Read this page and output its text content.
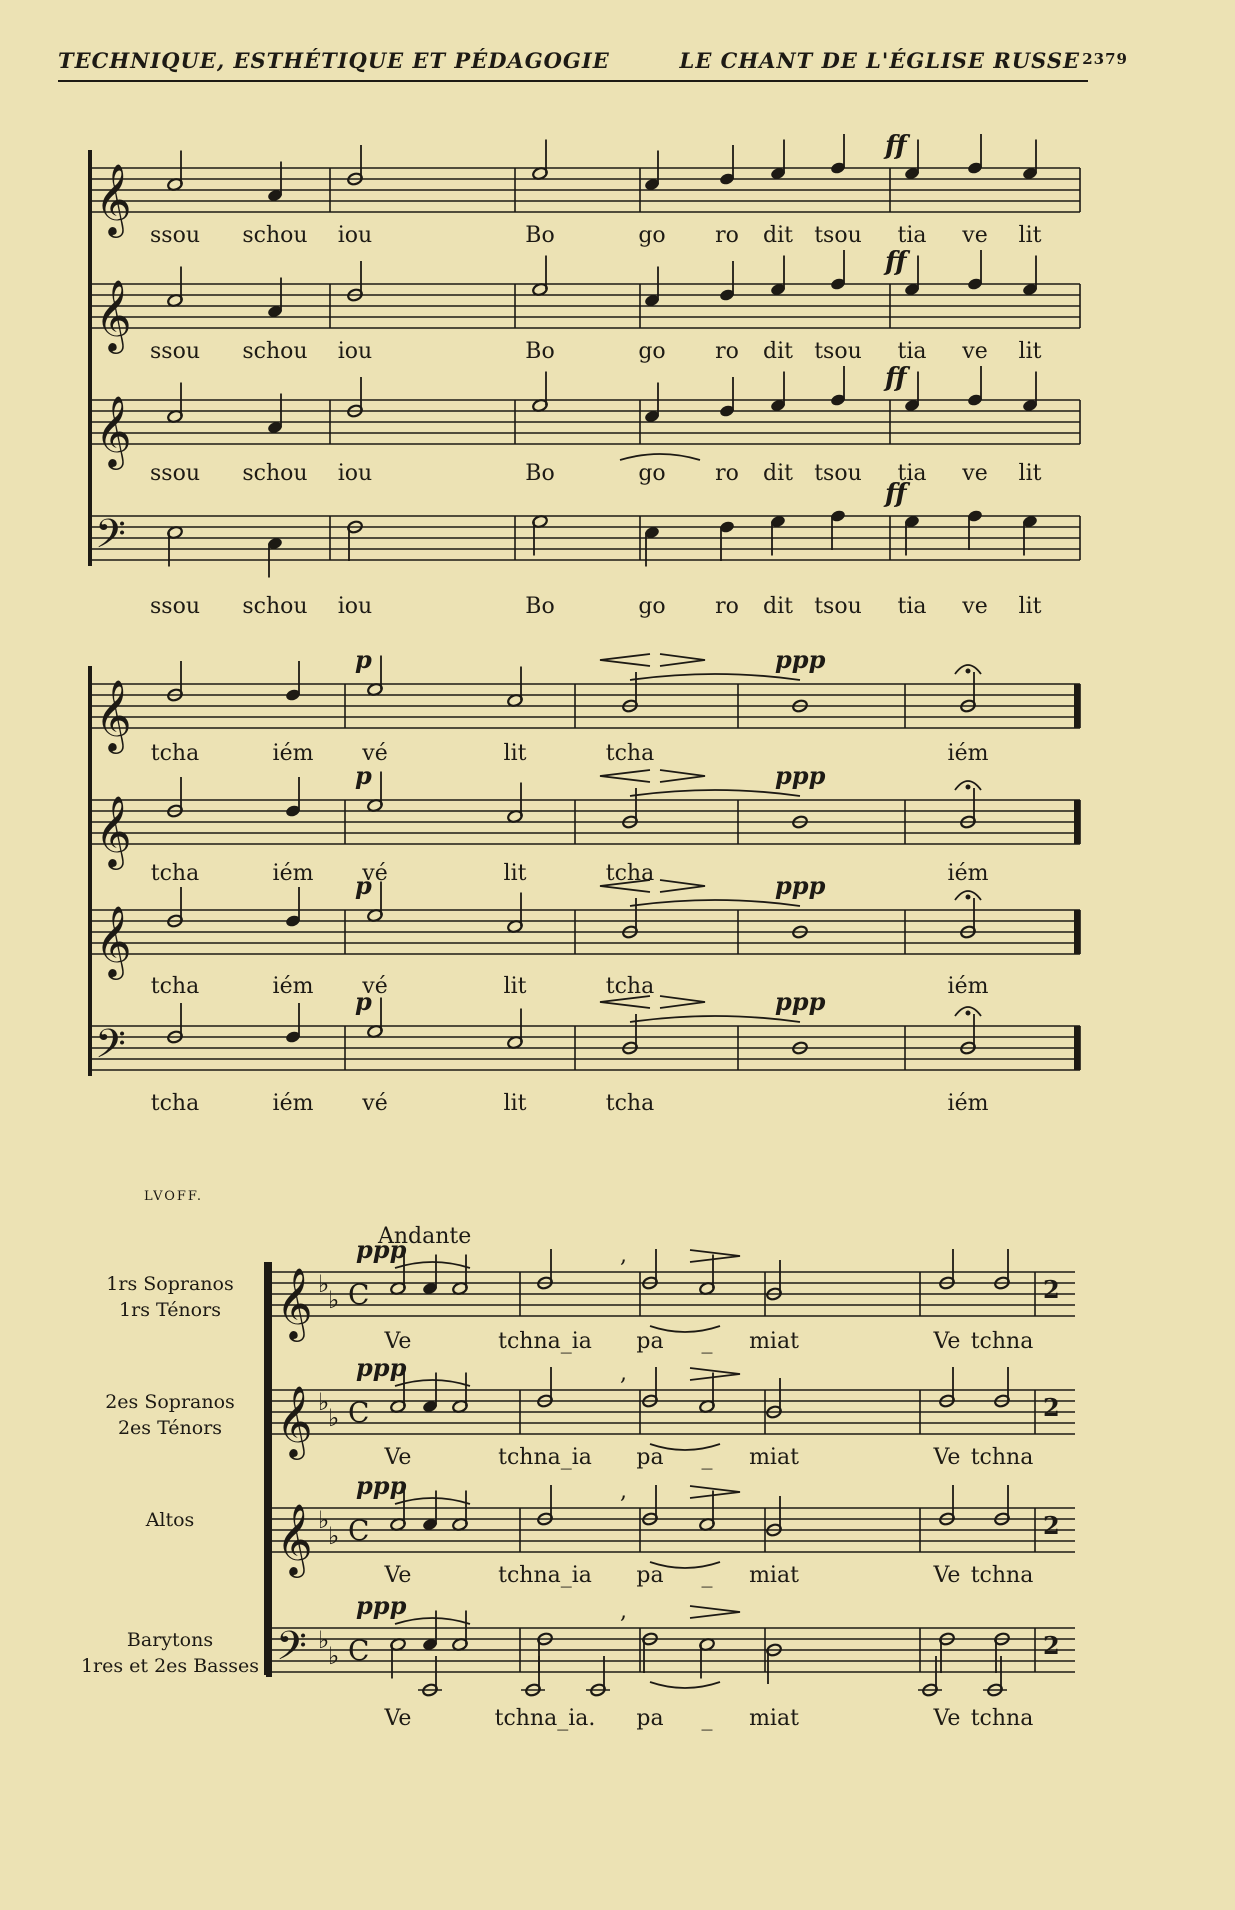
TECHNIQUE, ESTHÉTIQUE ET PÉDAGOGIE	LE CHANT DE L'ÉGLISE RUSSE 2379
𝄞
ssou schou iou	Bo	go ro dit tsou tia ve lit
ff
𝄞
ssou schou iou	Bo	go ro dit tsou tia ve lit
ff
𝄞
ssou schou iou	Bo	go ro dit tsou tia ve lit
ff
𝄢
ssou schou iou	Bo	go ro dit tsou tia ve lit
ff
𝄞
tcha	iém vé	lit	tcha	iém
p	ppp
𝄞
tcha	iém vé	lit	tcha	iém
p	ppp
𝄞
tcha	iém vé	lit	tcha	iém
p	ppp
𝄢
tcha	iém vé	lit	tcha	iém
p	ppp
LVOFF.
Andante
1rs Sopranos
1rs Ténors 𝄞 ♭
♭ C	2
ppp	,
Ve	tchna_ia pa _ miat	Ve tchna
2es Sopranos
2es Ténors 𝄞 ♭
♭ C	2
ppp	,
Ve	tchna_ia pa _ miat	Ve tchna
Altos 𝄞 ♭
♭ C	2
ppp	,
Ve	tchna_ia pa _ miat	Ve tchna
Barytons
1res et 2es Basses 𝄢 ♭
♭ C	2
ppp	,
Ve	tchna_ia. pa _ miat	Ve tchna
